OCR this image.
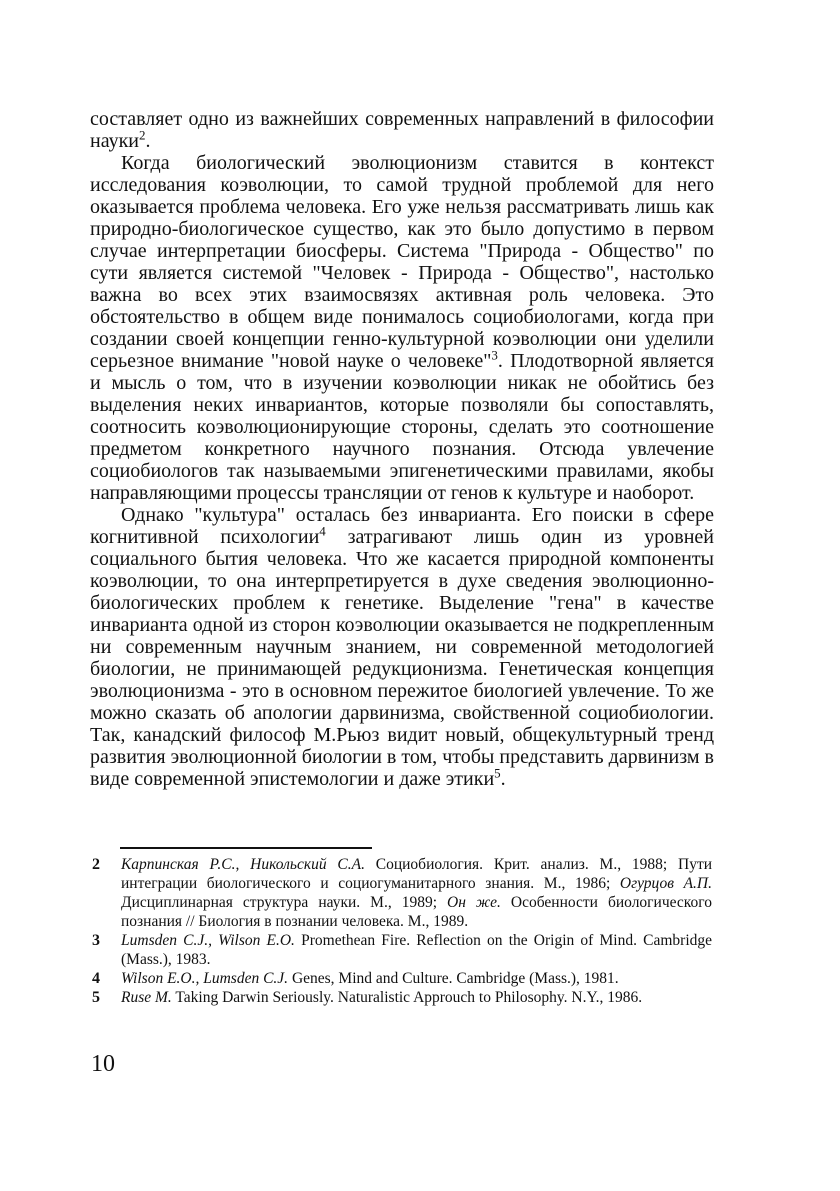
составляет одно из важнейших современных направлений в философии науки$^2$.

Когда биологический эволюционизм ставится в контекст исследования коэволюции, то самой трудной проблемой для него оказывается проблема человека. Его уже нельзя рассматривать лишь как природно-биологическое существо, как это было допустимо в первом случае интерпретации биосферы. Система "Природа - Общество" по сути является системой "Человек - Природа - Общество", настолько важна во всех этих взаимосвязях активная роль человека. Это обстоятельство в общем виде понималось социобиологами, когда при создании своей концепции генно-культурной коэволюции они уделили серьезное внимание "новой науке о человеке"$^3$. Плодотворной является и мысль о том, что в изучении коэволюции никак не обойтись без выделения неких инвариантов, которые позволяли бы сопоставлять, соотносить коэволюционирующие стороны, сделать это соотношение предметом конкретного научного познания. Отсюда увлечение социобиологов так называемыми эпигенетическими правилами, якобы направляющими процессы трансляции от генов к культуре и наоборот.

Однако "культура" осталась без инварианта. Его поиски в сфере когнитивной психологии$^4$ затрагивают лишь один из уровней социального бытия человека. Что же касается природной компоненты коэволюции, то она интерпретируется в духе сведения эволюционно-биологических проблем к генетике. Выделение "гена" в качестве инварианта одной из сторон коэволюции оказывается не подкрепленным ни современным научным знанием, ни современной методологией биологии, не принимающей редукционизма. Генетическая концепция эволюционизма - это в основном пережитое биологией увлечение. То же можно сказать об апологии дарвинизма, свойственной социобиологии. Так, канадский философ М.Рьюз видит новый, общекультурный тренд развития эволюционной биологии в том, чтобы представить дарвинизм в виде современной эпистемологии и даже этики$^5$.

2	Карпинская Р.С., Никольский С.А. Социобиология. Крит. анализ. М., 1988; Пути интеграции биологического и социогуманитарного знания. М., 1986; Огурцов А.П. Дисциплинарная структура науки. М., 1989; Он же. Особенности биологического познания // Биология в познании человека. М., 1989.
3	Lumsden C.J., Wilson E.O. Promethean Fire. Reflection on the Origin of Mind. Cambridge (Mass.), 1983.
4	Wilson E.O., Lumsden C.J. Genes, Mind and Culture. Cambridge (Mass.), 1981.
5	Ruse M. Taking Darwin Seriously. Naturalistic Approuch to Philosophy. N.Y., 1986.
10
